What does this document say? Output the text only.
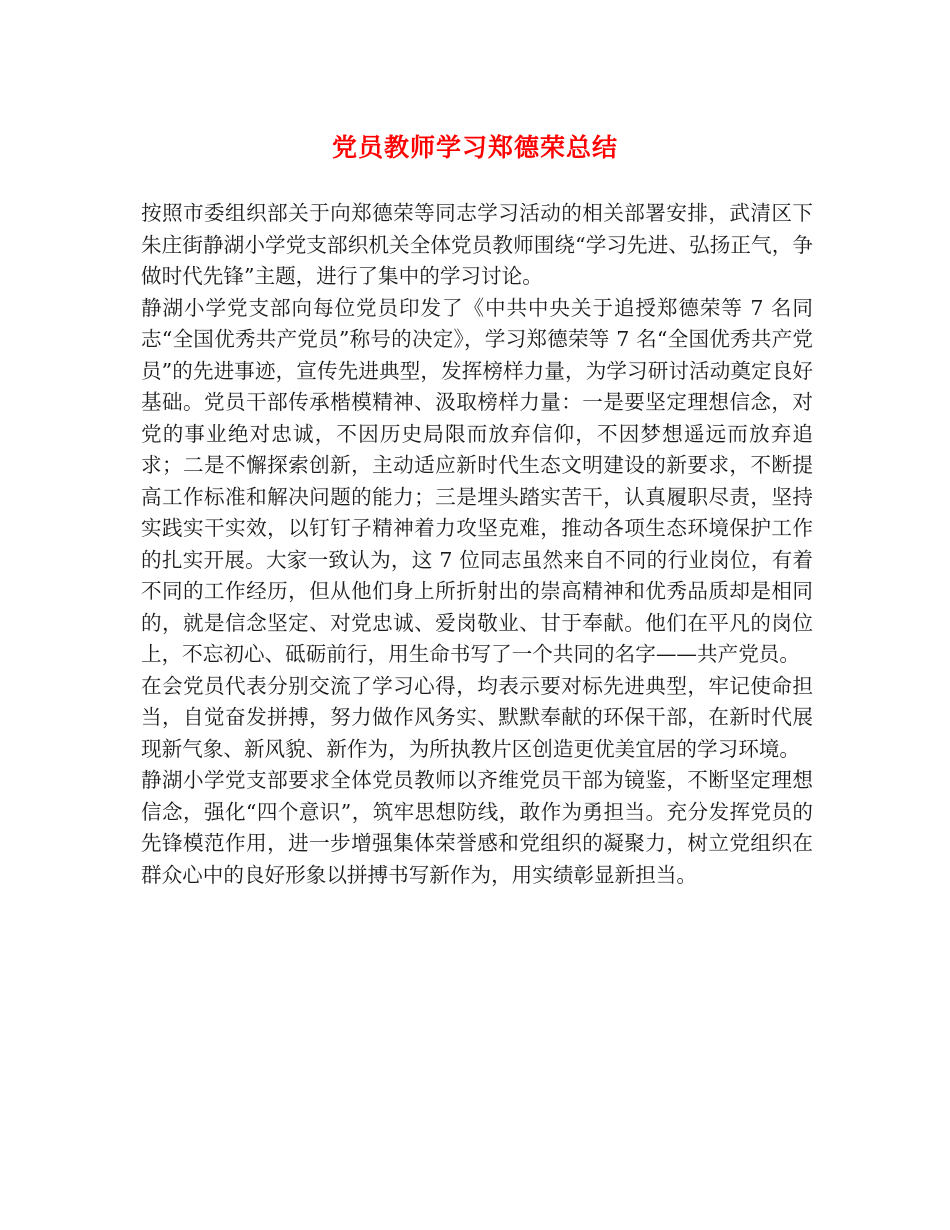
党员教师学习郑德荣总结

按照市委组织部关于向郑德荣等同志学习活动的相关部署安排，武清区下朱庄街静湖小学党支部织机关全体党员教师围绕“学习先进、弘扬正气，争做时代先锋”主题，进行了集中的学习讨论。

静湖小学党支部向每位党员印发了《中共中央关于追授郑德荣等 7 名同志“全国优秀共产党员”称号的决定》，学习郑德荣等 7 名“全国优秀共产党员”的先进事迹，宣传先进典型，发挥榜样力量，为学习研讨活动奠定良好基础。党员干部传承楷模精神、汲取榜样力量：一是要坚定理想信念，对党的事业绝对忠诚，不因历史局限而放弃信仰，不因梦想遥远而放弃追求；二是不懈探索创新，主动适应新时代生态文明建设的新要求，不断提高工作标准和解决问题的能力；三是埋头踏实苦干，认真履职尽责，坚持实践实干实效，以钉钉子精神着力攻坚克难，推动各项生态环境保护工作的扎实开展。大家一致认为，这 7 位同志虽然来自不同的行业岗位，有着不同的工作经历，但从他们身上所折射出的崇高精神和优秀品质却是相同的，就是信念坚定、对党忠诚、爱岗敬业、甘于奉献。他们在平凡的岗位上，不忘初心、砥砺前行，用生命书写了一个共同的名字——共产党员。

在会党员代表分别交流了学习心得，均表示要对标先进典型，牢记使命担当，自觉奋发拼搏，努力做作风务实、默默奉献的环保干部，在新时代展现新气象、新风貌、新作为，为所执教片区创造更优美宜居的学习环境。

静湖小学党支部要求全体党员教师以齐维党员干部为镜鉴，不断坚定理想信念，强化“四个意识”，筑牢思想防线，敢作为勇担当。充分发挥党员的先锋模范作用，进一步增强集体荣誉感和党组织的凝聚力，树立党组织在群众心中的良好形象以拼搏书写新作为，用实绩彰显新担当。
